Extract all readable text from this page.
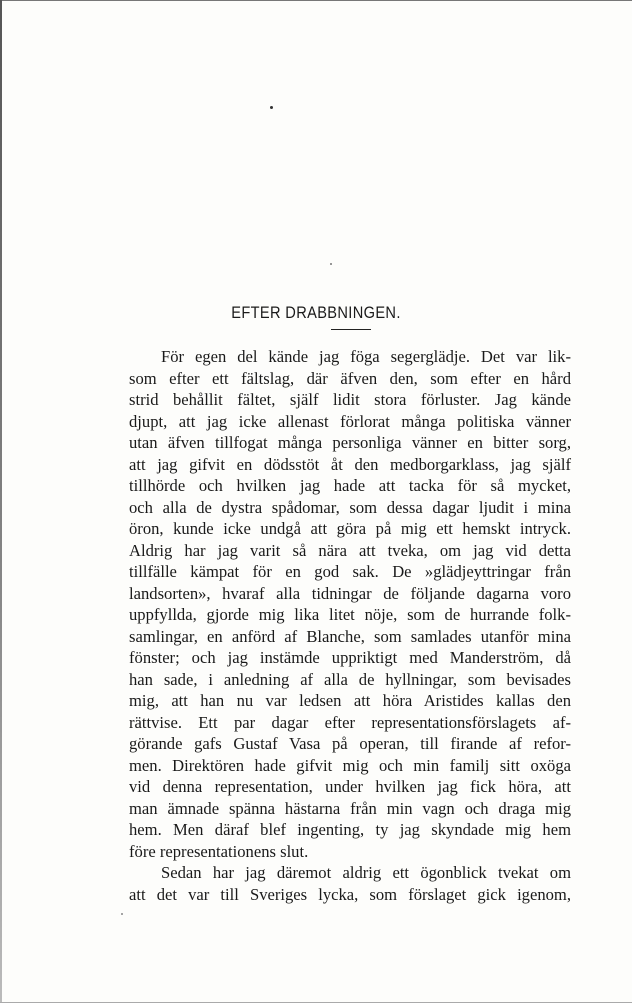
EFTER DRABBNINGEN.
För egen del kände jag föga segerglädje. Det var lik-
som efter ett fältslag, där äfven den, som efter en hård
strid behållit fältet, själf lidit stora förluster. Jag kände
djupt, att jag icke allenast förlorat många politiska vänner
utan äfven tillfogat många personliga vänner en bitter sorg,
att jag gifvit en dödsstöt åt den medborgarklass, jag själf
tillhörde och hvilken jag hade att tacka för så mycket,
och alla de dystra spådomar, som dessa dagar ljudit i mina
öron, kunde icke undgå att göra på mig ett hemskt intryck.
Aldrig har jag varit så nära att tveka, om jag vid detta
tillfälle kämpat för en god sak. De »glädjeyttringar från
landsorten», hvaraf alla tidningar de följande dagarna voro
uppfyllda, gjorde mig lika litet nöje, som de hurrande folk-
samlingar, en anförd af Blanche, som samlades utanför mina
fönster; och jag instämde uppriktigt med Manderström, då
han sade, i anledning af alla de hyllningar, som bevisades
mig, att han nu var ledsen att höra Aristides kallas den
rättvise. Ett par dagar efter representationsförslagets af-
görande gafs Gustaf Vasa på operan, till firande af refor-
men. Direktören hade gifvit mig och min familj sitt oxöga
vid denna representation, under hvilken jag fick höra, att
man ämnade spänna hästarna från min vagn och draga mig
hem. Men däraf blef ingenting, ty jag skyndade mig hem
före representationens slut.
Sedan har jag däremot aldrig ett ögonblick tvekat om
att det var till Sveriges lycka, som förslaget gick igenom,
